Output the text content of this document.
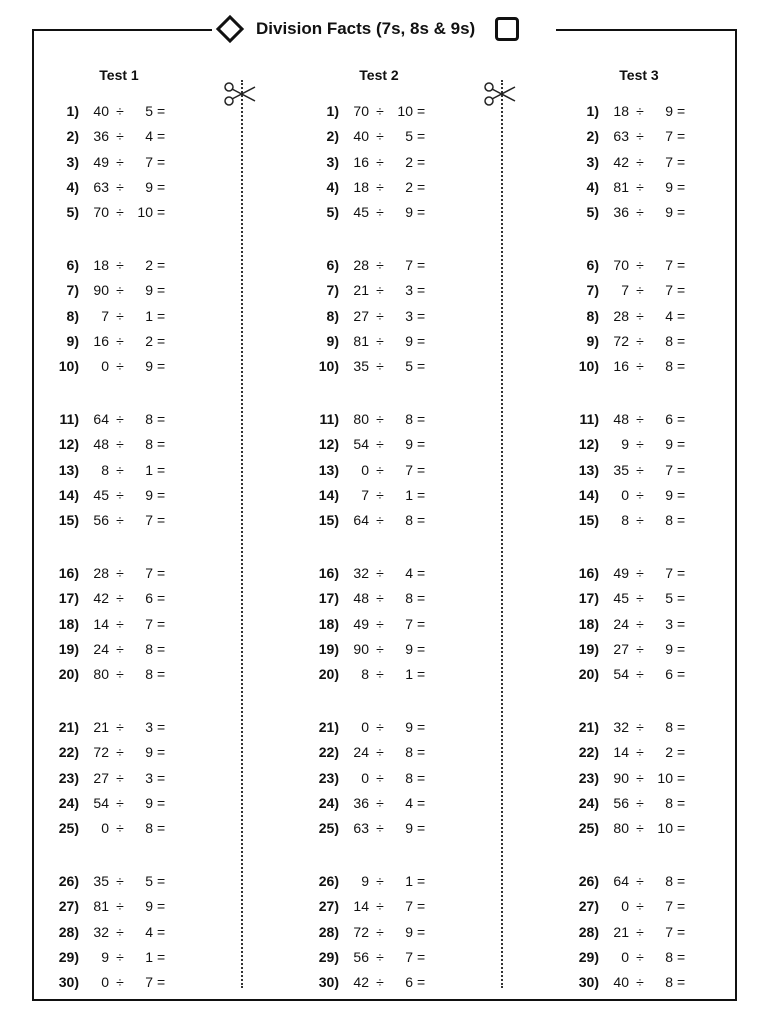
Division Facts (7s, 8s & 9s)
Test 1
1)	40 ÷	5 =
2)	36 ÷	4 =
3)	49 ÷	7 =
4)	63 ÷	9 =
5)	70 ÷ 10 =
6)	18 ÷	2 =
7)	90 ÷	9 =
8)	7 ÷	1 =
9)	16 ÷	2 =
10)	0 ÷	9 =
11)	64 ÷	8 =
12)	48 ÷	8 =
13)	8 ÷	1 =
14)	45 ÷	9 =
15)	56 ÷	7 =
16)	28 ÷	7 =
17)	42 ÷	6 =
18)	14 ÷	7 =
19)	24 ÷	8 =
20)	80 ÷	8 =
21)	21 ÷	3 =
22)	72 ÷	9 =
23)	27 ÷	3 =
24)	54 ÷	9 =
25)	0 ÷	8 =
26)	35 ÷	5 =
27)	81 ÷	9 =
28)	32 ÷	4 =
29)	9 ÷	1 =
30)	0 ÷	7 =
Test 2
1)	70 ÷ 10 =
2)	40 ÷	5 =
3)	16 ÷	2 =
4)	18 ÷	2 =
5)	45 ÷	9 =
6)	28 ÷	7 =
7)	21 ÷	3 =
8)	27 ÷	3 =
9)	81 ÷	9 =
10)	35 ÷	5 =
11)	80 ÷	8 =
12)	54 ÷	9 =
13)	0 ÷	7 =
14)	7 ÷	1 =
15)	64 ÷	8 =
16)	32 ÷	4 =
17)	48 ÷	8 =
18)	49 ÷	7 =
19)	90 ÷	9 =
20)	8 ÷	1 =
21)	0 ÷	9 =
22)	24 ÷	8 =
23)	0 ÷	8 =
24)	36 ÷	4 =
25)	63 ÷	9 =
26)	9 ÷	1 =
27)	14 ÷	7 =
28)	72 ÷	9 =
29)	56 ÷	7 =
30)	42 ÷	6 =
Test 3
1)	18 ÷	9 =
2)	63 ÷	7 =
3)	42 ÷	7 =
4)	81 ÷	9 =
5)	36 ÷	9 =
6)	70 ÷	7 =
7)	7 ÷	7 =
8)	28 ÷	4 =
9)	72 ÷	8 =
10)	16 ÷	8 =
11)	48 ÷	6 =
12)	9 ÷	9 =
13)	35 ÷	7 =
14)	0 ÷	9 =
15)	8 ÷	8 =
16)	49 ÷	7 =
17)	45 ÷	5 =
18)	24 ÷	3 =
19)	27 ÷	9 =
20)	54 ÷	6 =
21)	32 ÷	8 =
22)	14 ÷	2 =
23)	90 ÷ 10 =
24)	56 ÷	8 =
25)	80 ÷ 10 =
26)	64 ÷	8 =
27)	0 ÷	7 =
28)	21 ÷	7 =
29)	0 ÷	8 =
30)	40 ÷	8 =
